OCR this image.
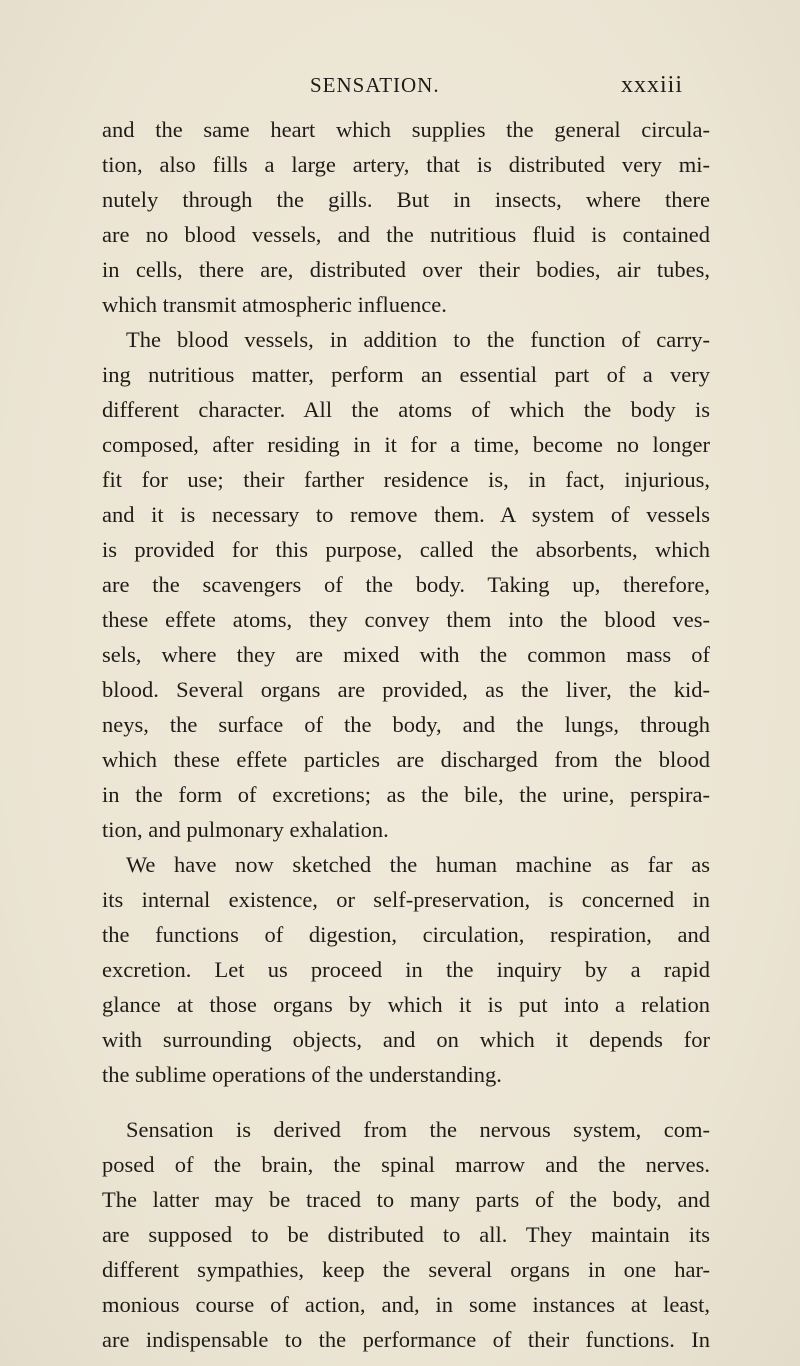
SENSATION.	xxxiii
and the same heart which supplies the general circula-
tion, also fills a large artery, that is distributed very mi-
nutely through the gills. But in insects, where there
are no blood vessels, and the nutritious fluid is contained
in cells, there are, distributed over their bodies, air tubes,
which transmit atmospheric influence.
The blood vessels, in addition to the function of carry-
ing nutritious matter, perform an essential part of a very
different character. All the atoms of which the body is
composed, after residing in it for a time, become no longer
fit for use; their farther residence is, in fact, injurious,
and it is necessary to remove them. A system of vessels
is provided for this purpose, called the absorbents, which
are the scavengers of the body. Taking up, therefore,
these effete atoms, they convey them into the blood ves-
sels, where they are mixed with the common mass of
blood. Several organs are provided, as the liver, the kid-
neys, the surface of the body, and the lungs, through
which these effete particles are discharged from the blood
in the form of excretions; as the bile, the urine, perspira-
tion, and pulmonary exhalation.
We have now sketched the human machine as far as
its internal existence, or self-preservation, is concerned in
the functions of digestion, circulation, respiration, and
excretion. Let us proceed in the inquiry by a rapid
glance at those organs by which it is put into a relation
with surrounding objects, and on which it depends for
the sublime operations of the understanding.
Sensation is derived from the nervous system, com-
posed of the brain, the spinal marrow and the nerves.
The latter may be traced to many parts of the body, and
are supposed to be distributed to all. They maintain its
different sympathies, keep the several organs in one har-
monious course of action, and, in some instances at least,
are indispensable to the performance of their functions. In
